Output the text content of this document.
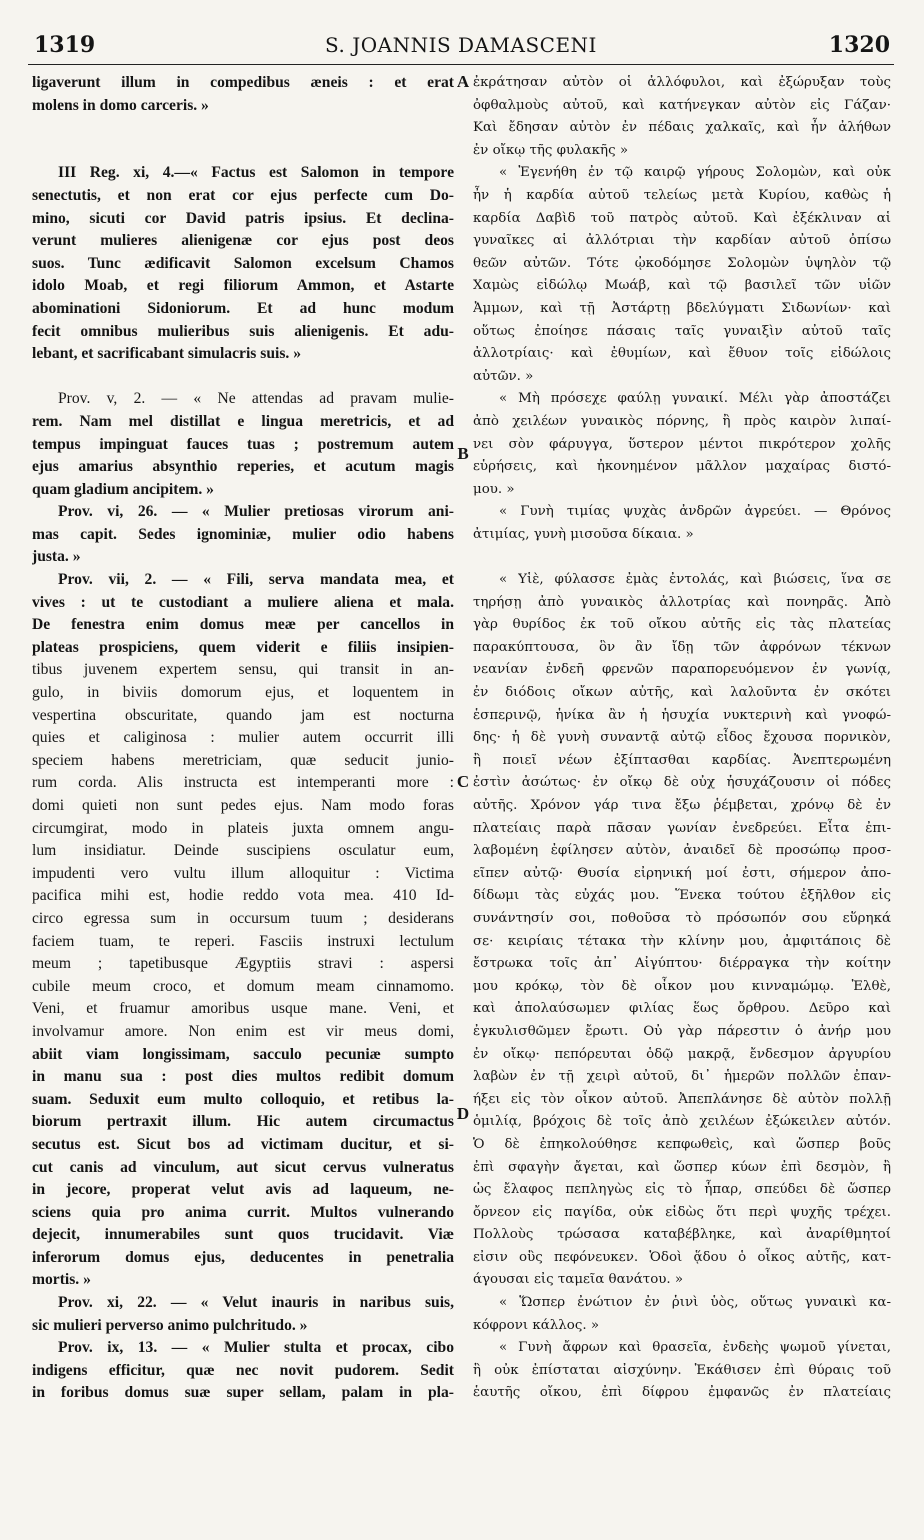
1319	S. JOANNIS DAMASCENI	1320
ligaverunt illum in compedibus æneis : et erat
molens in domo carceris. »
III Reg. xi, 4.—« Factus est Salomon in tempore
senectutis, et non erat cor ejus perfecte cum Do-
mino, sicuti cor David patris ipsius. Et declina-
verunt mulieres alienigenæ cor ejus post deos
suos. Tunc ædificavit Salomon excelsum Chamos
idolo Moab, et regi filiorum Ammon, et Astarte
abominationi Sidoniorum. Et ad hunc modum
fecit omnibus mulieribus suis alienigenis. Et adu-
lebant, et sacrificabant simulacris suis. »
Prov. v, 2. — « Ne attendas ad pravam mulie-
rem. Nam mel distillat e lingua meretricis, et ad
tempus impinguat fauces tuas ; postremum autem
ejus amarius absynthio reperies, et acutum magis
quam gladium ancipitem. »
Prov. vi, 26. — « Mulier pretiosas virorum ani-
mas capit. Sedes ignominiæ, mulier odio habens
justa. »
Prov. vii, 2. — « Fili, serva mandata mea, et
vives : ut te custodiant a muliere aliena et mala.
De fenestra enim domus meæ per cancellos in
plateas prospiciens, quem viderit e filiis insipien-
tibus juvenem expertem sensu, qui transit in an-
gulo, in biviis domorum ejus, et loquentem in
vespertina obscuritate, quando jam est nocturna
quies et caliginosa : mulier autem occurrit illi
speciem habens meretriciam, quæ seducit junio-
rum corda. Alis instructa est intemperanti more :
domi quieti non sunt pedes ejus. Nam modo foras
circumgirat, modo in plateis juxta omnem angu-
lum insidiatur. Deinde suscipiens osculatur eum,
impudenti vero vultu illum alloquitur : Victima
pacifica mihi est, hodie reddo vota mea. 410 Id-
circo egressa sum in occursum tuum ; desiderans
faciem tuam, te reperi. Fasciis instruxi lectulum
meum ; tapetibusque Ægyptiis stravi : aspersi
cubile meum croco, et domum meam cinnamomo.
Veni, et fruamur amoribus usque mane. Veni, et
involvamur amore. Non enim est vir meus domi,
abiit viam longissimam, sacculo pecuniæ sumpto
in manu sua : post dies multos redibit domum
suam. Seduxit eum multo colloquio, et retibus la-
biorum pertraxit illum. Hic autem circumactus
secutus est. Sicut bos ad victimam ducitur, et si-
cut canis ad vinculum, aut sicut cervus vulneratus
in jecore, properat velut avis ad laqueum, ne-
sciens quia pro anima currit. Multos vulnerando
dejecit, innumerabiles sunt quos trucidavit. Viæ
inferorum domus ejus, deducentes in penetralia
mortis. »
Prov. xi, 22. — « Velut inauris in naribus suis,
sic mulieri perverso animo pulchritudo. »
Prov. ix, 13. — « Mulier stulta et procax, cibo
indigens efficitur, quæ nec novit pudorem. Sedit
in foribus domus suæ super sellam, palam in pla-
ἐκράτησαν αὐτὸν οἱ ἀλλόφυλοι, καὶ ἐξώρυξαν τοὺς
ὀφθαλμοὺς αὐτοῦ, καὶ κατήνεγκαν αὐτὸν εἰς Γάζαν·
Καὶ ἔδησαν αὐτὸν ἐν πέδαις χαλκαῖς, καὶ ἦν ἀλήθων
ἐν οἴκῳ τῆς φυλακῆς »
« Ἐγενήθη ἐν τῷ καιρῷ γήρους Σολομὼν, καὶ οὐκ
ἦν ἡ καρδία αὐτοῦ τελείως μετὰ Κυρίου, καθὼς ἡ
καρδία Δαβὶδ τοῦ πατρὸς αὐτοῦ. Καὶ ἐξέκλιναν αἱ
γυναῖκες αἱ ἀλλότριαι τὴν καρδίαν αὐτοῦ ὀπίσω
θεῶν αὐτῶν. Τότε ᾠκοδόμησε Σολομὼν ὑψηλὸν τῷ
Χαμὼς εἰδώλῳ Μωάβ, καὶ τῷ βασιλεῖ τῶν υἱῶν
Ἀμμων, καὶ τῇ Ἀστάρτῃ βδελύγματι Σιδωνίων· καὶ
οὕτως ἐποίησε πάσαις ταῖς γυναιξὶν αὐτοῦ ταῖς
ἀλλοτρίαις· καὶ ἐθυμίων, καὶ ἔθυον τοῖς εἰδώλοις
αὐτῶν. »
« Μὴ πρόσεχε φαύλῃ γυναικί. Μέλι γὰρ ἀποστάζει
ἀπὸ χειλέων γυναικὸς πόρνης, ἢ πρὸς καιρὸν λιπαί-
νει σὸν φάρυγγα, ὕστερον μέντοι πικρότερον χολῆς
εὑρήσεις, καὶ ἠκονημένον μᾶλλον μαχαίρας διστό-
μου. »
« Γυνὴ τιμίας ψυχὰς ἀνδρῶν ἀγρεύει. — Θρόνος
ἀτιμίας, γυνὴ μισοῦσα δίκαια. »
« Υἱὲ, φύλασσε ἐμὰς ἐντολάς, καὶ βιώσεις, ἵνα σε
τηρήσῃ ἀπὸ γυναικὸς ἀλλοτρίας καὶ πονηρᾶς. Ἀπὸ
γὰρ θυρίδος ἐκ τοῦ οἴκου αὐτῆς εἰς τὰς πλατείας
παρακύπτουσα, ὃν ἂν ἴδῃ τῶν ἀφρόνων τέκνων
νεανίαν ἐνδεῆ φρενῶν παραπορευόμενον ἐν γωνίᾳ,
ἐν διόδοις οἴκων αὐτῆς, καὶ λαλοῦντα ἐν σκότει
ἑσπερινῷ, ἡνίκα ἂν ἡ ἡσυχία νυκτερινὴ καὶ γνοφώ-
δης· ἡ δὲ γυνὴ συναντᾷ αὐτῷ εἶδος ἔχουσα πορνικὸν,
ἢ ποιεῖ νέων ἐξίπτασθαι καρδίας. Ἀνεπτερωμένη
ἐστὶν ἀσώτως· ἐν οἴκῳ δὲ οὐχ ἡσυχάζουσιν οἱ πόδες
αὐτῆς. Χρόνον γάρ τινα ἔξω ῥέμβεται, χρόνῳ δὲ ἐν
πλατείαις παρὰ πᾶσαν γωνίαν ἐνεδρεύει. Εἶτα ἐπι-
λαβομένη ἐφίλησεν αὐτὸν, ἀναιδεῖ δὲ προσώπῳ προσ-
εῖπεν αὐτῷ· Θυσία εἰρηνική μοί ἐστι, σήμερον ἀπο-
δίδωμι τὰς εὐχάς μου. Ἕνεκα τούτου ἐξῆλθον εἰς
συνάντησίν σοι, ποθοῦσα τὸ πρόσωπόν σου εὕρηκά
σε· κειρίαις τέτακα τὴν κλίνην μου, ἀμφιτάποις δὲ
ἔστρωκα τοῖς ἀπ᾽ Αἰγύπτου· διέρραγκα τὴν κοίτην
μου κρόκῳ, τὸν δὲ οἶκον μου κινναμώμῳ. Ἐλθὲ,
καὶ ἀπολαύσωμεν φιλίας ἕως ὄρθρου. Δεῦρο καὶ
ἐγκυλισθῶμεν ἔρωτι. Οὐ γὰρ πάρεστιν ὁ ἀνήρ μου
ἐν οἴκῳ· πεπόρευται ὁδῷ μακρᾷ, ἔνδεσμον ἀργυρίου
λαβὼν ἐν τῇ χειρὶ αὐτοῦ, δι᾽ ἡμερῶν πολλῶν ἐπαν-
ήξει εἰς τὸν οἶκον αὐτοῦ. Ἀπεπλάνησε δὲ αὐτὸν πολλῇ
ὁμιλίᾳ, βρόχοις δὲ τοῖς ἀπὸ χειλέων ἐξώκειλεν αὐτόν.
Ὁ δὲ ἐπηκολούθησε κεπφωθεὶς, καὶ ὥσπερ βοῦς
ἐπὶ σφαγὴν ἄγεται, καὶ ὥσπερ κύων ἐπὶ δεσμὸν, ἢ
ὡς ἔλαφος πεπληγὼς εἰς τὸ ἧπαρ, σπεύδει δὲ ὥσπερ
ὄρνεον εἰς παγίδα, οὐκ εἰδὼς ὅτι περὶ ψυχῆς τρέχει.
Πολλοὺς τρώσασα καταβέβληκε, καὶ ἀναρίθμητοί
εἰσιν οὓς πεφόνευκεν. Ὁδοὶ ᾅδου ὁ οἶκος αὐτῆς, κατ-
άγουσαι εἰς ταμεῖα θανάτου. »
« Ὥσπερ ἐνώτιον ἐν ῥινὶ ὑὸς, οὕτως γυναικὶ κα-
κόφρονι κάλλος. »
« Γυνὴ ἄφρων καὶ θρασεῖα, ἐνδεὴς ψωμοῦ γίνεται,
ἣ οὐκ ἐπίσταται αἰσχύνην. Ἐκάθισεν ἐπὶ θύραις τοῦ
ἑαυτῆς οἴκου, ἐπὶ δίφρου ἐμφανῶς ἐν πλατείαις
A
B
C
D
